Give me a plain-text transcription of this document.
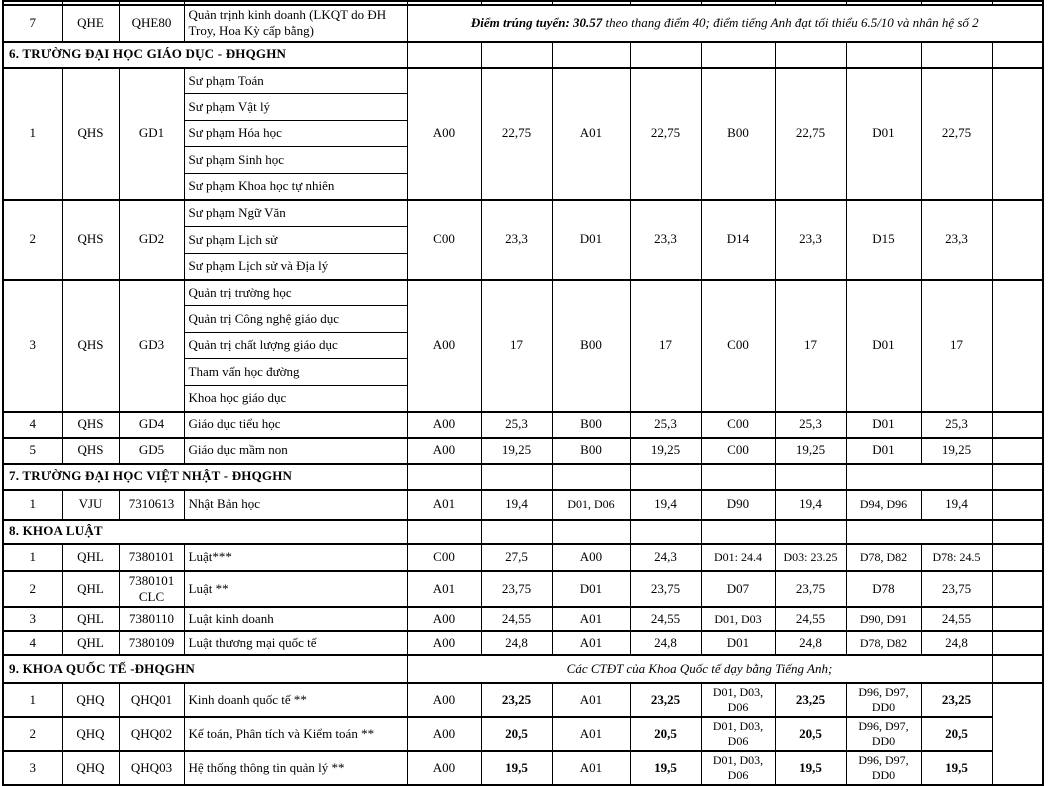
7	QHE	QHE80	Quản trịnh kinh doanh (LKQT do ĐH Troy, Hoa Kỳ cấp bằng)	Điểm trúng tuyển: 30.57 theo thang điểm 40; điểm tiếng Anh đạt tối thiểu 6.5/10 và nhân hệ số 2								
6. TRƯỜNG ĐẠI HỌC GIÁO DỤC - ĐHQGHN												
1	QHS	GD1	Sư phạm Toán	A00	22,75	A01	22,75	B00	22,75	D01	22,75	
			Sư phạm Vật lý									
			Sư phạm Hóa học									
			Sư phạm Sinh học									
			Sư phạm Khoa học tự nhiên									
2	QHS	GD2	Sư phạm Ngữ Văn	C00	23,3	D01	23,3	D14	23,3	D15	23,3	
			Sư phạm Lịch sử									
			Sư phạm Lịch sử và Địa lý									
3	QHS	GD3	Quản trị trường học	A00	17	B00	17	C00	17	D01	17	
			Quản trị Công nghệ giáo dục									
			Quản trị chất lượng giáo dục									
			Tham vấn học đường									
			Khoa học giáo dục									
4	QHS	GD4	Giáo dục tiểu học	A00	25,3	B00	25,3	C00	25,3	D01	25,3	
5	QHS	GD5	Giáo dục mầm non	A00	19,25	B00	19,25	C00	19,25	D01	19,25	
7. TRƯỜNG ĐẠI HỌC VIỆT NHẬT - ĐHQGHN												
1	VJU	7310613	Nhật Bản học	A01	19,4	D01, D06	19,4	D90	19,4	D94, D96	19,4	
8. KHOA LUẬT												
1	QHL	7380101	Luật***	C00	27,5	A00	24,3	D01: 24.4	D03: 23.25	D78, D82	D78: 24.5	
2	QHL	7380101 CLC	Luật **	A01	23,75	D01	23,75	D07	23,75	D78	23,75	
3	QHL	7380110	Luật kinh doanh	A00	24,55	A01	24,55	D01, D03	24,55	D90, D91	24,55	
4	QHL	7380109	Luật thương mại quốc tế	A00	24,8	A01	24,8	D01	24,8	D78, D82	24,8	
9. KHOA QUỐC TẾ -ĐHQGHN				Các CTĐT của Khoa Quốc tế dạy bằng Tiếng Anh;								
1	QHQ	QHQ01	Kinh doanh quốc tế **	A00	23,25	A01	23,25	D01, D03, D06	23,25	D96, D97, DD0	23,25	
2	QHQ	QHQ02	Kế toán, Phân tích và Kiểm toán **	A00	20,5	A01	20,5	D01, D03, D06	20,5	D96, D97, DD0	20,5	
3	QHQ	QHQ03	Hệ thống thông tin quản lý **	A00	19,5	A01	19,5	D01, D03, D06	19,5	D96, D97, DD0	19,5	
